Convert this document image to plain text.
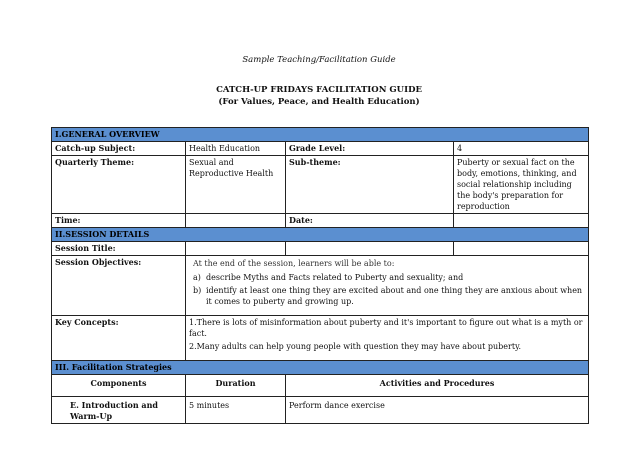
Sample Teaching/Facilitation Guide
CATCH-UP FRIDAYS FACILITATION GUIDE
(For Values, Peace, and Health Education)
I.GENERAL OVERVIEW			
Catch-up Subject:	Health Education	Grade Level:	4
Quarterly Theme:	Sexual and Reproductive Health	Sub-theme:	Puberty or sexual fact on the body, emotions, thinking, and social relationship including the body's preparation for reproduction
Time:		Date:	
II.SESSION DETAILS			
Session Title:			
Session Objectives:	At the end of the session, learners will be able to:
a) describe Myths and Facts related to Puberty and sexuality; and
b) identify at least one thing they are excited about and one thing they are anxious about when it comes to puberty and growing up.		

Key Concepts:	1.There is lots of misinformation about puberty and it's important to figure out what is a myth or fact.
2.Many adults can help young people with question they may have about puberty.		

III. Facilitation Strategies			
Components	Duration	Activities and Procedures	
E. Introduction and Warm-Up	5 minutes	Perform dance exercise	
